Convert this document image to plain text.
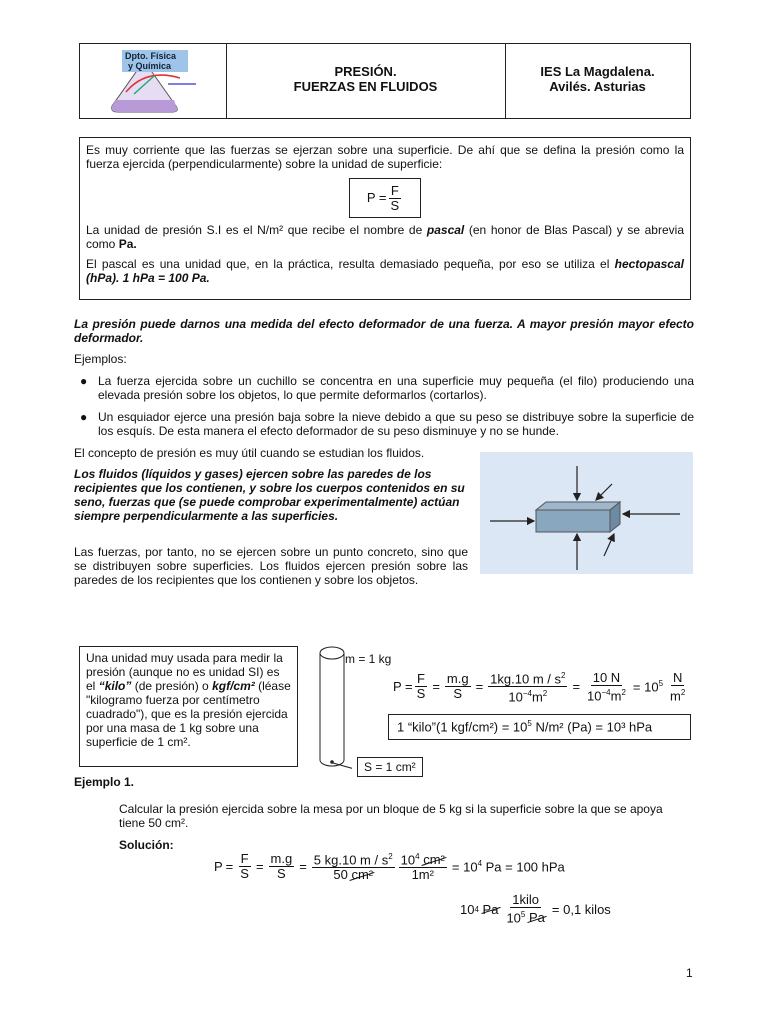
Dpto. Física
y Química	PRESIÓN.
FUERZAS EN FLUIDOS
IES La Magdalena.
Avilés. Asturias

Es muy corriente que las fuerzas se ejerzan sobre una superficie. De ahí que se defina la presión como la fuerza ejercida (perpendicularmente) sobre la unidad de superficie:

$P = \frac{F}{S}$

La unidad de presión S.I es el N/m² que recibe el nombre de pascal (en honor de Blas Pascal) y se abrevia como Pa.

El pascal es una unidad que, en la práctica, resulta demasiado pequeña, por eso se utiliza el hectopascal (hPa). 1 hPa = 100 Pa.

La presión puede darnos una medida del efecto deformador de una fuerza. A mayor presión mayor efecto deformador.

Ejemplos:

● La fuerza ejercida sobre un cuchillo se concentra en una superficie muy pequeña (el filo) produciendo una elevada presión sobre los objetos, lo que permite deformarlos (cortarlos).
● Un esquiador ejerce una presión baja sobre la nieve debido a que su peso se distribuye sobre la superficie de los esquís. De esta manera el efecto deformador de su peso disminuye y no se hunde.

El concepto de presión es muy útil cuando se estudian los fluidos.

Los fluidos (líquidos y gases) ejercen sobre las paredes de los recipientes que los contienen, y sobre los cuerpos contenidos en su seno, fuerzas que (se puede comprobar experimentalmente) actúan siempre perpendicularmente a las superficies.

Las fuerzas, por tanto, no se ejercen sobre un punto concreto, sino que se distribuyen sobre superficies. Los fluidos ejercen presión sobre las paredes de los recipientes que los contienen y sobre los objetos.

Una unidad muy usada para medir la presión (aunque no es unidad SI) es el “kilo” (de presión) o kgf/cm² (léase "kilogramo fuerza por centímetro cuadrado"), que es la presión ejercida por una masa de 1 kg sobre una superficie de 1 cm².
m = 1 kg
S = 1 cm²
$P = \frac{F}{S} = \frac{m.g}{S} = \frac{1kg.10 m / s^2}{10^{-4}m^2} = \frac{10 N}{10^{-4}m^2} = 10^5 \frac{N}{m^2}$
1 “kilo”(1 $kgf/cm^2) = 10^5$ N/m² (Pa) = 10³ hPa
Ejemplo 1.

Calcular la presión ejercida sobre la mesa por un bloque de 5 kg si la superficie sobre la que se apoya tiene 50 cm².

Solución:
$P = \frac{F}{S} = \frac{m.g}{S} = \frac{5 kg.10 m / s^2}{\text{50 cm²}} \frac{10^4 cm^2}{\text{1m²}} = 10^4$ Pa = 100 hPa
10 4
Pa $\frac{\text{1kilo}}{10^5 Pa} = 0,1$ kilos
1
